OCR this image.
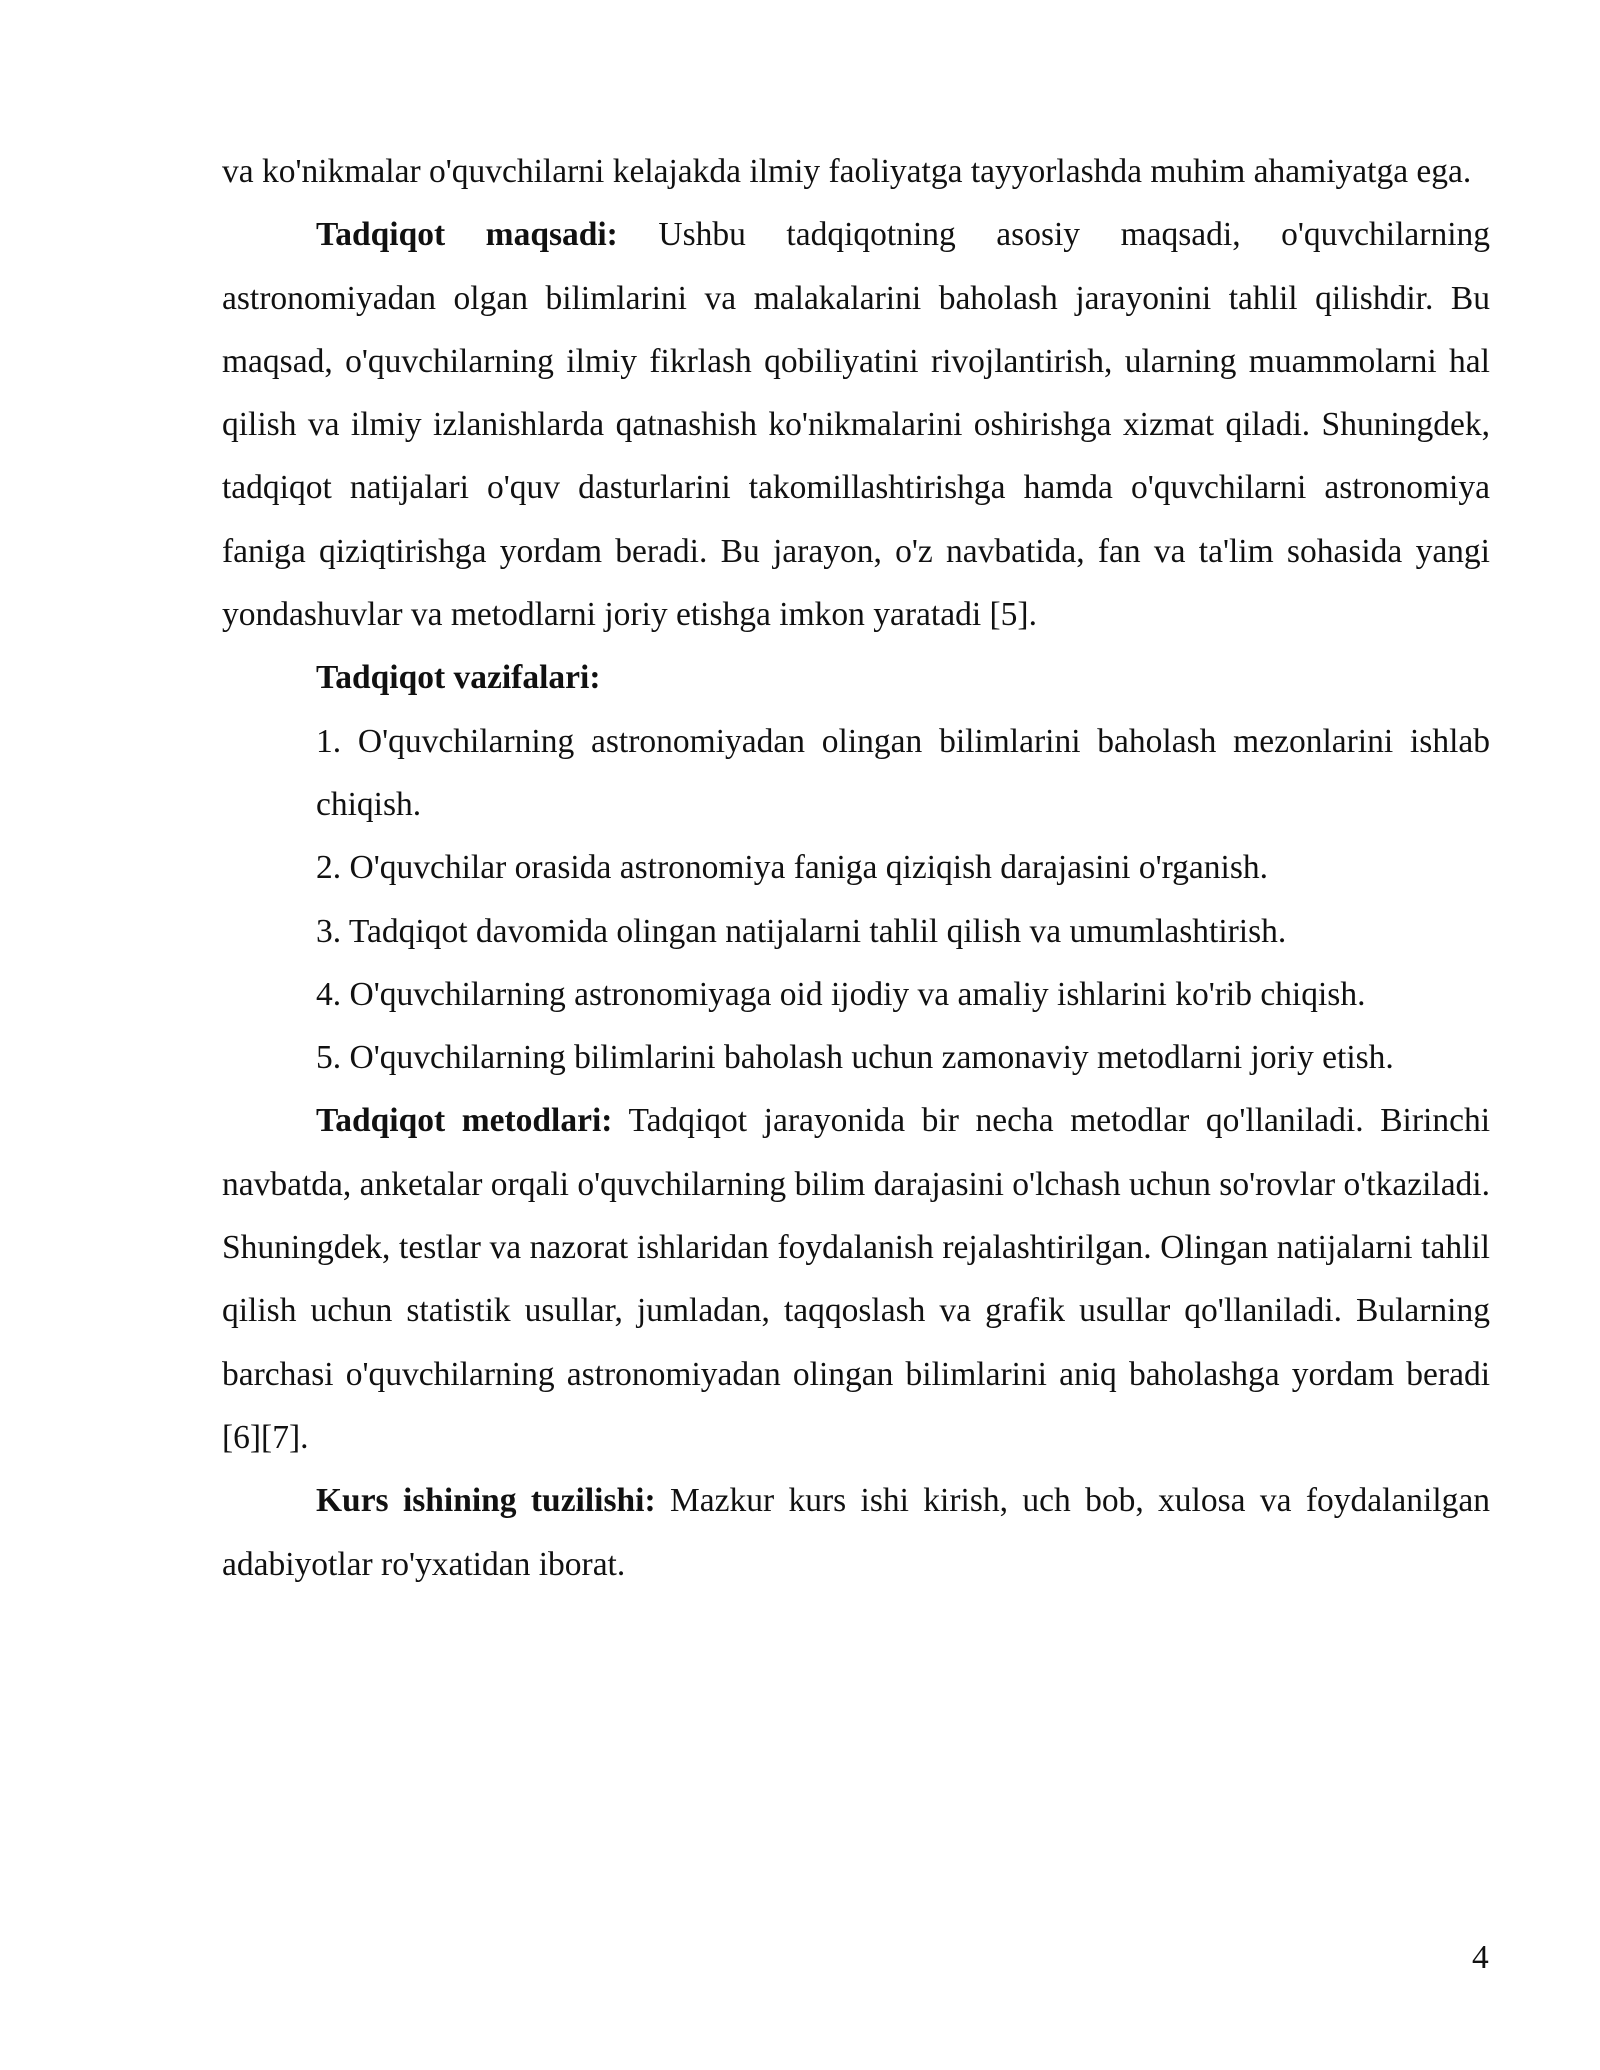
va ko'nikmalar o'quvchilarni kelajakda ilmiy faoliyatga tayyorlashda muhim ahamiyatga ega.

Tadqiqot maqsadi: Ushbu tadqiqotning asosiy maqsadi, o'quvchilarning astronomiyadan olgan bilimlarini va malakalarini baholash jarayonini tahlil qilishdir. Bu maqsad, o'quvchilarning ilmiy fikrlash qobiliyatini rivojlantirish, ularning muammolarni hal qilish va ilmiy izlanishlarda qatnashish ko'nikmalarini oshirishga xizmat qiladi. Shuningdek, tadqiqot natijalari o'quv dasturlarini takomillashtirishga hamda o'quvchilarni astronomiya faniga qiziqtirishga yordam beradi. Bu jarayon, o'z navbatida, fan va ta'lim sohasida yangi yondashuvlar va metodlarni joriy etishga imkon yaratadi [5].

Tadqiqot vazifalari:

1. O'quvchilarning astronomiyadan olingan bilimlarini baholash mezonlarini ishlab chiqish.

2. O'quvchilar orasida astronomiya faniga qiziqish darajasini o'rganish.

3. Tadqiqot davomida olingan natijalarni tahlil qilish va umumlashtirish.

4. O'quvchilarning astronomiyaga oid ijodiy va amaliy ishlarini ko'rib chiqish.

5. O'quvchilarning bilimlarini baholash uchun zamonaviy metodlarni joriy etish.

Tadqiqot metodlari: Tadqiqot jarayonida bir necha metodlar qo'llaniladi. Birinchi navbatda, anketalar orqali o'quvchilarning bilim darajasini o'lchash uchun so'rovlar o'tkaziladi. Shuningdek, testlar va nazorat ishlaridan foydalanish rejalashtirilgan. Olingan natijalarni tahlil qilish uchun statistik usullar, jumladan, taqqoslash va grafik usullar qo'llaniladi. Bularning barchasi o'quvchilarning astronomiyadan olingan bilimlarini aniq baholashga yordam beradi [6][7].

Kurs ishining tuzilishi: Mazkur kurs ishi kirish, uch bob, xulosa va foydalanilgan adabiyotlar ro'yxatidan iborat.

4
